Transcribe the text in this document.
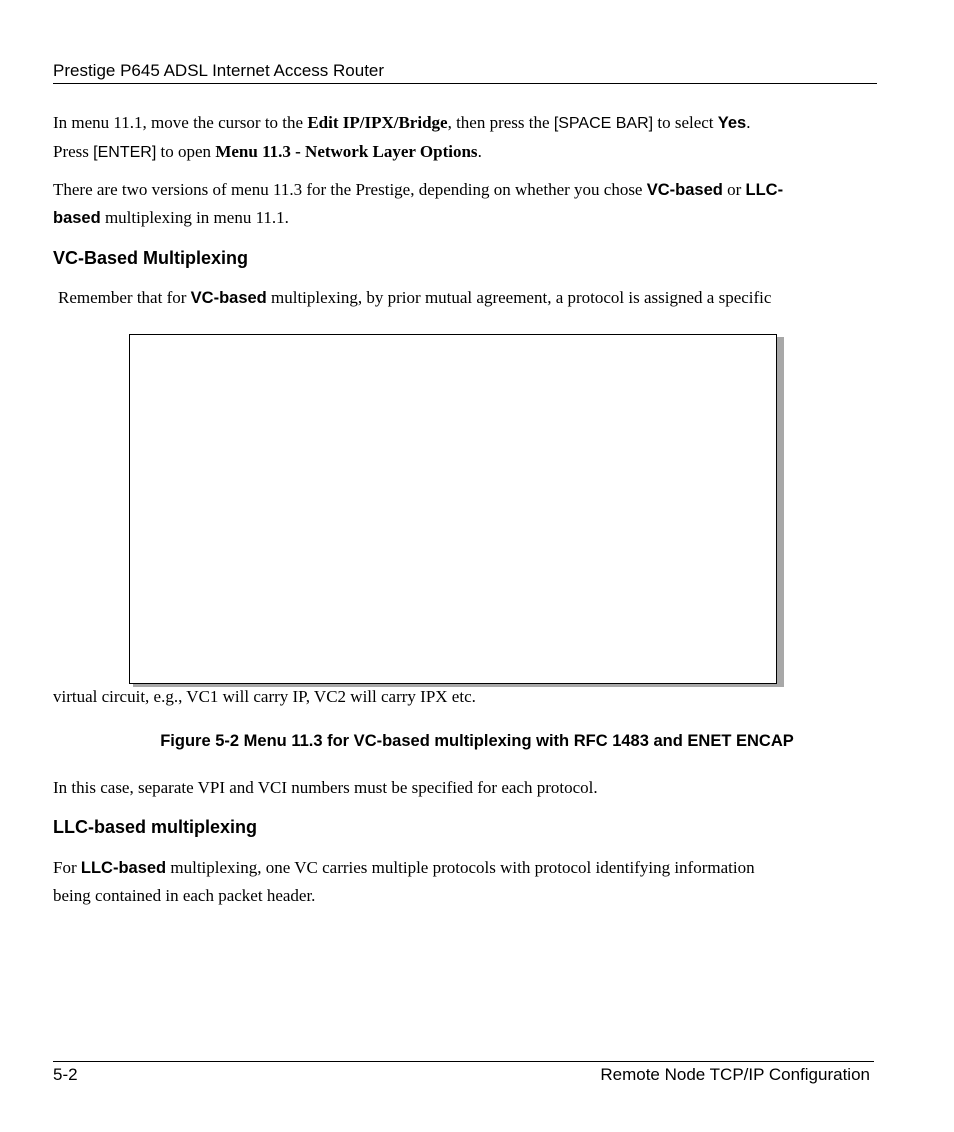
Prestige P645 ADSL Internet Access Router
In menu 11.1, move the cursor to the Edit IP/IPX/Bridge, then press the [SPACE BAR] to select Yes.
Press [ENTER] to open Menu 11.3 - Network Layer Options.
There are two versions of menu 11.3 for the Prestige, depending on whether you chose VC-based or LLC-
based multiplexing in menu 11.1.
VC-Based Multiplexing
Remember that for VC-based multiplexing, by prior mutual agreement, a protocol is assigned a specific
virtual circuit, e.g., VC1 will carry IP, VC2 will carry IPX etc.
Figure 5-2 Menu 11.3 for VC-based multiplexing with RFC 1483 and ENET ENCAP
In this case, separate VPI and VCI numbers must be specified for each protocol.
LLC-based multiplexing
For LLC-based multiplexing, one VC carries multiple protocols with protocol identifying information
being contained in each packet header.
5-2	Remote Node TCP/IP Configuration
